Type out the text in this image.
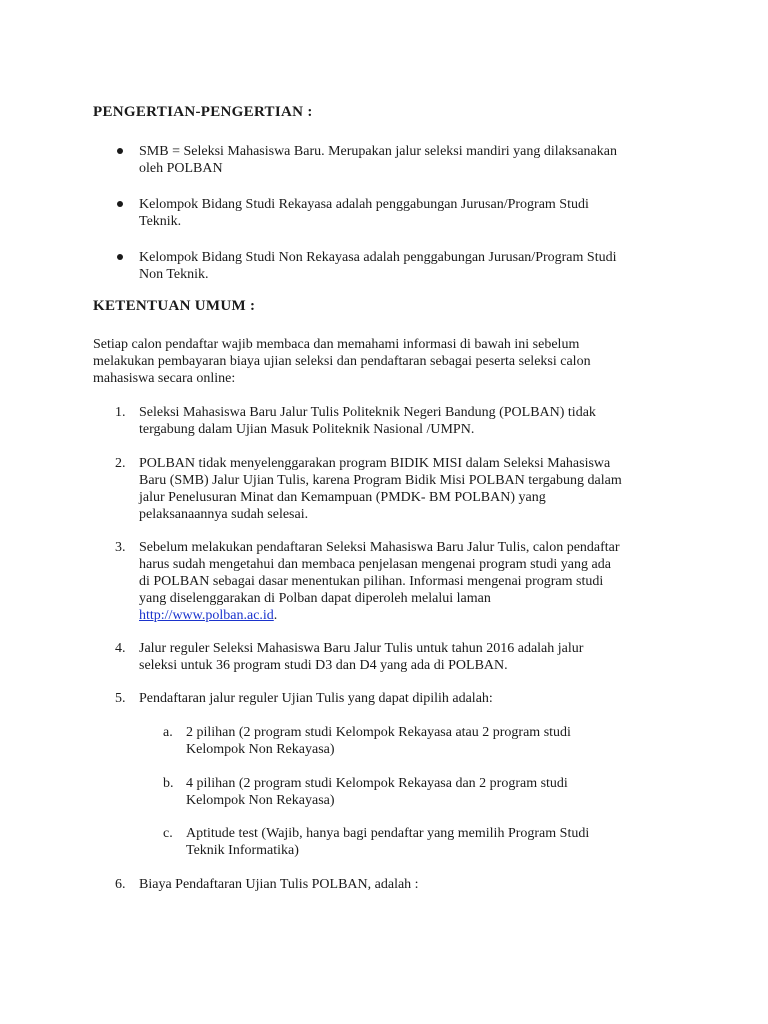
PENGERTIAN-PENGERTIAN :
SMB = Seleksi Mahasiswa Baru. Merupakan jalur seleksi mandiri yang dilaksanakan
oleh POLBAN
Kelompok Bidang Studi Rekayasa adalah penggabungan Jurusan/Program Studi
Teknik.
Kelompok Bidang Studi Non Rekayasa adalah penggabungan Jurusan/Program Studi
Non Teknik.
KETENTUAN UMUM :
Setiap calon pendaftar wajib membaca dan memahami informasi di bawah ini sebelum
melakukan pembayaran biaya ujian seleksi dan pendaftaran sebagai peserta seleksi calon
mahasiswa secara online:
1. Seleksi Mahasiswa Baru Jalur Tulis Politeknik Negeri Bandung (POLBAN) tidak
tergabung dalam Ujian Masuk Politeknik Nasional /UMPN.
2. POLBAN tidak menyelenggarakan program BIDIK MISI dalam Seleksi Mahasiswa
Baru (SMB) Jalur Ujian Tulis, karena Program Bidik Misi POLBAN tergabung dalam
jalur Penelusuran Minat dan Kemampuan (PMDK- BM POLBAN) yang
pelaksanaannya sudah selesai.
3. Sebelum melakukan pendaftaran Seleksi Mahasiswa Baru Jalur Tulis, calon pendaftar
harus sudah mengetahui dan membaca penjelasan mengenai program studi yang ada
di POLBAN sebagai dasar menentukan pilihan. Informasi mengenai program studi
yang diselenggarakan di Polban dapat diperoleh melalui laman
http://www.polban.ac.id.
4. Jalur reguler Seleksi Mahasiswa Baru Jalur Tulis untuk tahun 2016 adalah jalur
seleksi untuk 36 program studi D3 dan D4 yang ada di POLBAN.
5. Pendaftaran jalur reguler Ujian Tulis yang dapat dipilih adalah:
a. 2 pilihan (2 program studi Kelompok Rekayasa atau 2 program studi
Kelompok Non Rekayasa)
b. 4 pilihan (2 program studi Kelompok Rekayasa dan 2 program studi
Kelompok Non Rekayasa)
c. Aptitude test (Wajib, hanya bagi pendaftar yang memilih Program Studi
Teknik Informatika)
6. Biaya Pendaftaran Ujian Tulis POLBAN, adalah :
